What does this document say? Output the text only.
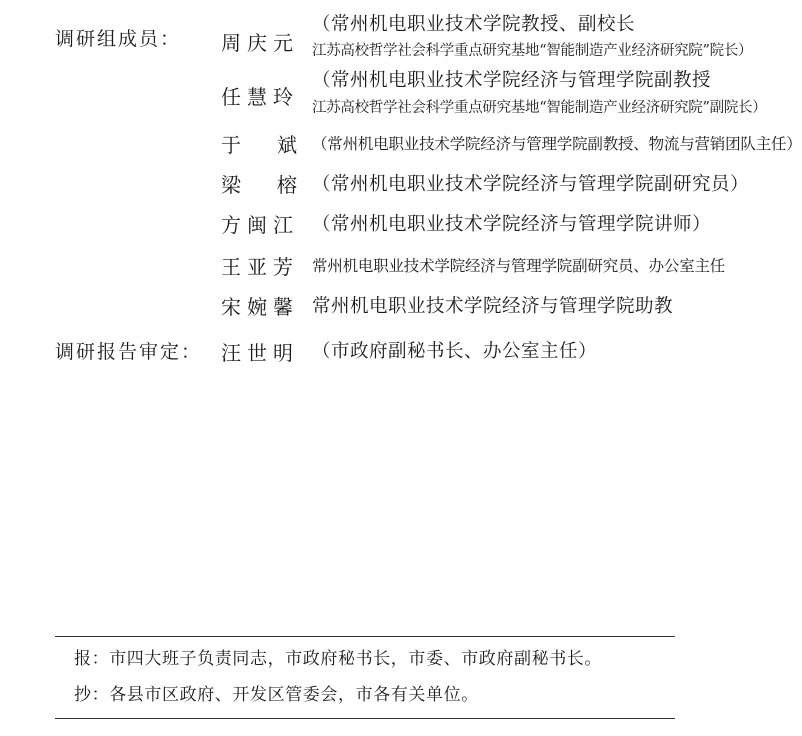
调研组成员： 周庆元
（常州机电职业技术学院教授、副校长
江苏高校哲学社会科学重点研究基地“智能制造产业经济研究院”院长）
任慧玲
（常州机电职业技术学院经济与管理学院副教授
江苏高校哲学社会科学重点研究基地“智能制造产业经济研究院”副院长）
于　斌 （常州机电职业技术学院经济与管理学院副教授、物流与营销团队主任）
梁　榕 （常州机电职业技术学院经济与管理学院副研究员）
方闽江 （常州机电职业技术学院经济与管理学院讲师）
王亚芳 常州机电职业技术学院经济与管理学院副研究员、办公室主任
宋婉馨 常州机电职业技术学院经济与管理学院助教
调研报告审定： 汪世明 （市政府副秘书长、办公室主任）
报：市四大班子负责同志，市政府秘书长，市委、市政府副秘书长。
抄：各县市区政府、开发区管委会，市各有关单位。
